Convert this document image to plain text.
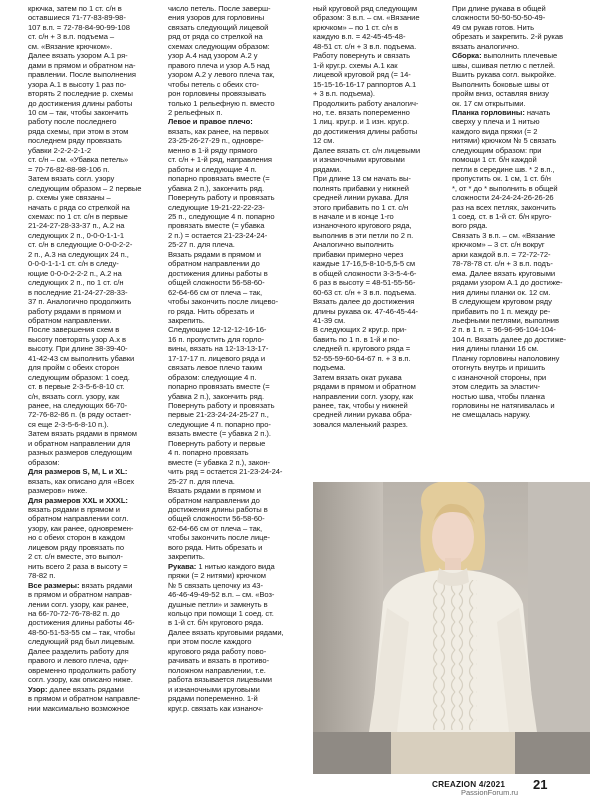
крючка, затем по 1 ст. с/н в

оставшиеся 71-77-83-89-98-

107 в.п. = 72-78-84-90-99-108

ст. с/н + 3 в.п. подъема –

см. «Вязание крючком».

Далее вязать узором А.1 ря-

дами в прямом и обратном на-

правлении. После выполнения

узора А.1 в высоту 1 раз по-

вторять 2 последние р. схемы

до достижения длины работы

10 см – так, чтобы закончить

работу после последнего

ряда схемы, при этом в этом

последнем ряду провязать

убавки 2-2-2-2-1-2

ст. с/н – см. «Убавка петель»

= 70-76-82-88-98-106 п.

Затем вязать согл. узору

следующим образом – 2 первые

р. схемы уже связаны –

начать с ряда со стрелкой на

схемах: по 1 ст. с/н в первые

21-24-27-28-33-37 п., А.2 на

следующих 2 п., 0-0-0-1-1-1

ст. с/н в следующие 0-0-0-2-2-

2 п., А.3 на следующих 24 п.,

0-0-0-1-1-1 ст. с/н в следу-

ющие 0-0-0-2-2-2 п., А.2 на

следующих 2 п., по 1 ст. с/н

в последние 21-24-27-28-33-

37 п. Аналогично продолжить

работу рядами в прямом и

обратном направлении.

После завершения схем в

высоту повторять узор А.х в

высоту. При длине 38-39-40-

41-42-43 см выполнить убавки

для пройм с обеих сторон

следующим образом: 1 соед.

ст. в первые 2-3-5-6-8-10 ст.

с/н, вязать согл. узору, как

ранее, на следующих 66-70-

72-76-82-86 п. (в ряду остает-

ся еще 2-3-5-6-8-10 п.).

Затем вязать рядами в прямом

и обратном направлении для

разных размеров следующим

образом:

Для размеров S, M, L и XL:

вязать, как описано для «Всех

размеров» ниже.

Для размеров XXL и XXXL:

вязать рядами в прямом и

обратном направлении согл.

узору, как ранее, одновремен-

но с обеих сторон в каждом

лицевом ряду провязать по

2 ст. с/н вместе, это выпол-

нить всего 2 раза в высоту =

78-82 п.

Все размеры: вязать рядами

в прямом и обратном направ-

лении согл. узору, как ранее,

на 66-70-72-76-78-82 п. до

достижения длины работы 46-

48-50-51-53-55 см – так, чтобы

следующий ряд был лицевым.

Далее разделить работу для

правого и левого плеча, одн-

овременно продолжить работу

согл. узору, как описано ниже.

Узор: далее вязать рядами

в прямом и обратном направле-

нии максимально возможное

число петель. После заверш-

ения узоров для горловины

связать следующий лицевой

ряд от ряда со стрелкой на

схемах следующим образом:

узор А.4 над узором А.2 у

правого плеча и узор А.5 над

узором А.2 у левого плеча так,

чтобы петель с обеих сто-

рон горловины провязывать

только 1 рельефную п. вместо

2 рельефных п.

Левое и правое плечо:

вязать, как ранее, на первых

23-25-26-27-29 п., одновре-

менно в 1-й ряду прямого

ст. с/н + 1-й ряд, направления

работы и следующие 4 п.

попарно провязать вместе (=

убавка 2 п.), закончить ряд.

Повернуть работу и провязать

следующие 19-21-22-22-23-

25 п., следующие 4 п. попарно

провязать вместе (= убавка

2 п.) = остается 21-23-24-24-

25-27 п. для плеча.

Вязать рядами в прямом и

обратном направлении до

достижения длины работы в

общей сложности 56-58-60-

62-64-66 см от плеча – так,

чтобы закончить после лицево-

го ряда. Нить обрезать и

закрепить.

Следующие 12-12-12-16-16-

16 п. пропустить для горло-

вины, вязать на 12-13-13-17-

17-17-17 п. лицевого ряда и

связать левое плечо таким

образом: следующие 4 п.

попарно провязать вместе (=

убавка 2 п.), закончить ряд.

Повернуть работу и провязать

первые 21-23-24-24-25-27 п.,

следующие 4 п. попарно про-

вязать вместе (= убавка 2 п.).

Повернуть работу и первые

4 п. попарно провязать

вместе (= убавка 2 п.), закон-

чить ряд = остается 21-23-24-24-

25-27 п. для плеча.

Вязать рядами в прямом и

обратном направлении до

достижения длины работы в

общей сложности 56-58-60-

62-64-66 см от плеча – так,

чтобы закончить после лице-

вого ряда. Нить обрезать и

закрепить.

Рукава: 1 нитью каждого вида

пряжи (= 2 нитями) крючком

№ 5 связать цепочку из 43-

46-46-49-49-52 в.п. – см. «Воз-

душные петли» и замкнуть в

кольцо при помощи 1 соед. ст.

в 1-й ст. б/н кругового ряда.

Далее вязать круговыми рядами,

при этом после каждого

кругового ряда работу пово-

рачивать и вязать в противо-

положном направлении, т.е.

работа вязывается лицевыми

и изнаночными круговыми

рядами попеременно. 1-й

круг.р. связать как изнаноч-

ный круговой ряд следующим

образом: 3 в.п. – см. «Вязание

крючком» – по 1 ст. с/н в

каждую в.п. = 42-45-45-48-

48-51 ст. с/н + 3 в.п. подъема.

Работу повернуть и связать

1-й круг.р. схемы А.1 как

лицевой круговой ряд (= 14-

15-15-16-16-17 раппортов А.1

+ 3 в.п. подъема).

Продолжить работу аналогич-

но, т.е. вязать попеременно

1 лиц. круг.р. и 1 изн. круг.р.

до достижения длины работы

12 см.

Далее вязать ст. с/н лицевыми

и изнаночными круговыми

рядами.

При длине 13 см начать вы-

полнять прибавки у нижней

средней линии рукава. Для

этого прибавить по 1 ст. с/н

в начале и в конце 1-го

изнаночного кругового ряда,

выполнив в эти петли по 2 п.

Аналогично выполнить

прибавки примерно через

каждые 17-16,5-8-10-5,5-5 см

в общей сложности 3-3-5-4-6-

6 раз в высоту = 48-51-55-56-

60-63 ст. с/н + 3 в.п. подъема.

Вязать далее до достижения

длины рукава ок. 47-46-45-44-

41-39 см.

В следующих 2 круг.р. при-

бавить по 1 п. в 1-й и по-

следней п. кругового ряда =

52-55-59-60-64-67 п. + 3 в.п.

подъема.

Затем вязать окат рукава

рядами в прямом и обратном

направлении согл. узору, как

ранее, так, чтобы у нижней

средней линии рукава обра-

зовался маленький разрез.

При длине рукава в общей

сложности 50-50-50-50-49-

49 см рукав готов. Нить

обрезать и закрепить. 2-й рукав

вязать аналогично.

Сборка: выполнить плечевые

швы, сшивая петлю с петлей.

Вшить рукава согл. выкройке.

Выполнить боковые швы от

пройм вниз, оставляя внизу

ок. 17 см открытыми.

Планка горловины: начать

сверху у плеча и 1 нитью

каждого вида пряжи (= 2

нитями) крючком № 5 связать

следующим образом: при

помощи 1 ст. б/н каждой

петли в середине шв. * 2 в.п.,

пропустить ок. 1 см, 1 ст. б/н

*, от * до * выполнить в общей

сложности 24-24-24-26-26-26

раз на всех петлях, закончить

1 соед. ст. в 1-й ст. б/н круго-

вого ряда.

Связать 3 в.п. – см. «Вязание

крючком» – 3 ст. с/н вокруг

арки каждой в.п. = 72-72-72-

78-78-78 ст. с/н + 3 в.п. подъ-

ема. Далее вязать круговыми

рядами узором А.1 до достиже-

ния длины планки ок. 12 см.

В следующем круговом ряду

прибавить по 1 п. между ре-

льефными петлями, выполнив

2 п. в 1 п. = 96-96-96-104-104-

104 п. Вязать далее до достиже-

ния длины планки 16 см.

Планку горловины наполовину

отогнуть внутрь и пришить

с изнаночной стороны, при

этом следить за эластич-

ностью шва, чтобы планка

горловины не натягивалась и

не смещалась наружу.

CREAZION 4/2021 21
PassionForum.ru
